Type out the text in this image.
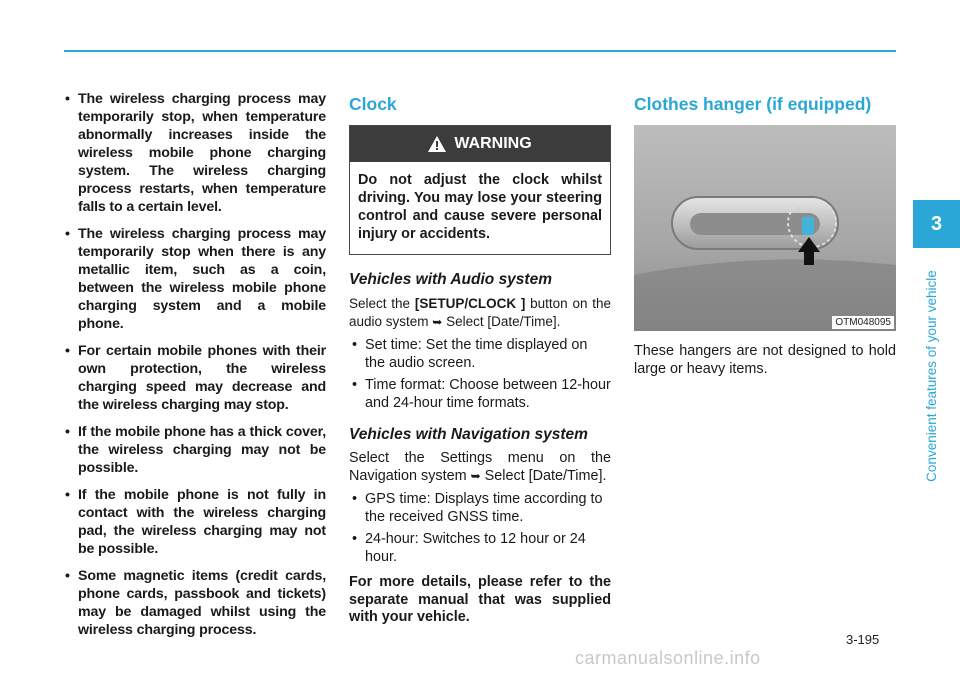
• The wireless charging process may temporarily stop, when temperature abnormally increases inside the wireless mobile phone charging system. The wireless charging process restarts, when temperature falls to a certain level.
• The wireless charging process may temporarily stop when there is any metallic item, such as a coin, between the wireless mobile phone charging system and a mobile phone.
• For certain mobile phones with their own protection, the wireless charging speed may decrease and the wireless charging may stop.
• If the mobile phone has a thick cover, the wireless charging may not be possible.
• If the mobile phone is not fully in contact with the wireless charging pad, the wireless charging may not be possible.
• Some magnetic items (credit cards, phone cards, passbook and tickets) may be damaged whilst using the wireless charging process.
Clock
WARNING
Do not adjust the clock whilst driving. You may lose your steering control and cause severe personal injury or accidents.
Vehicles with Audio system

Select the [SETUP/CLOCK ] button on the audio system ➥ Select [Date/Time].

• Set time: Set the time displayed on the audio screen.
• Time format: Choose between 12-hour and 24-hour time formats.
Vehicles with Navigation system

Select the Settings menu on the Navigation system ➥ Select [Date/Time].

• GPS time: Displays time according to the received GNSS time.
• 24-hour: Switches to 12 hour or 24 hour.

For more details, please refer to the separate manual that was supplied with your vehicle.

Clothes hanger (if equipped)
OTM048095

These hangers are not designed to hold large or heavy items.

3
Convenient features of your vehicle
3-195
carmanualsonline.info
